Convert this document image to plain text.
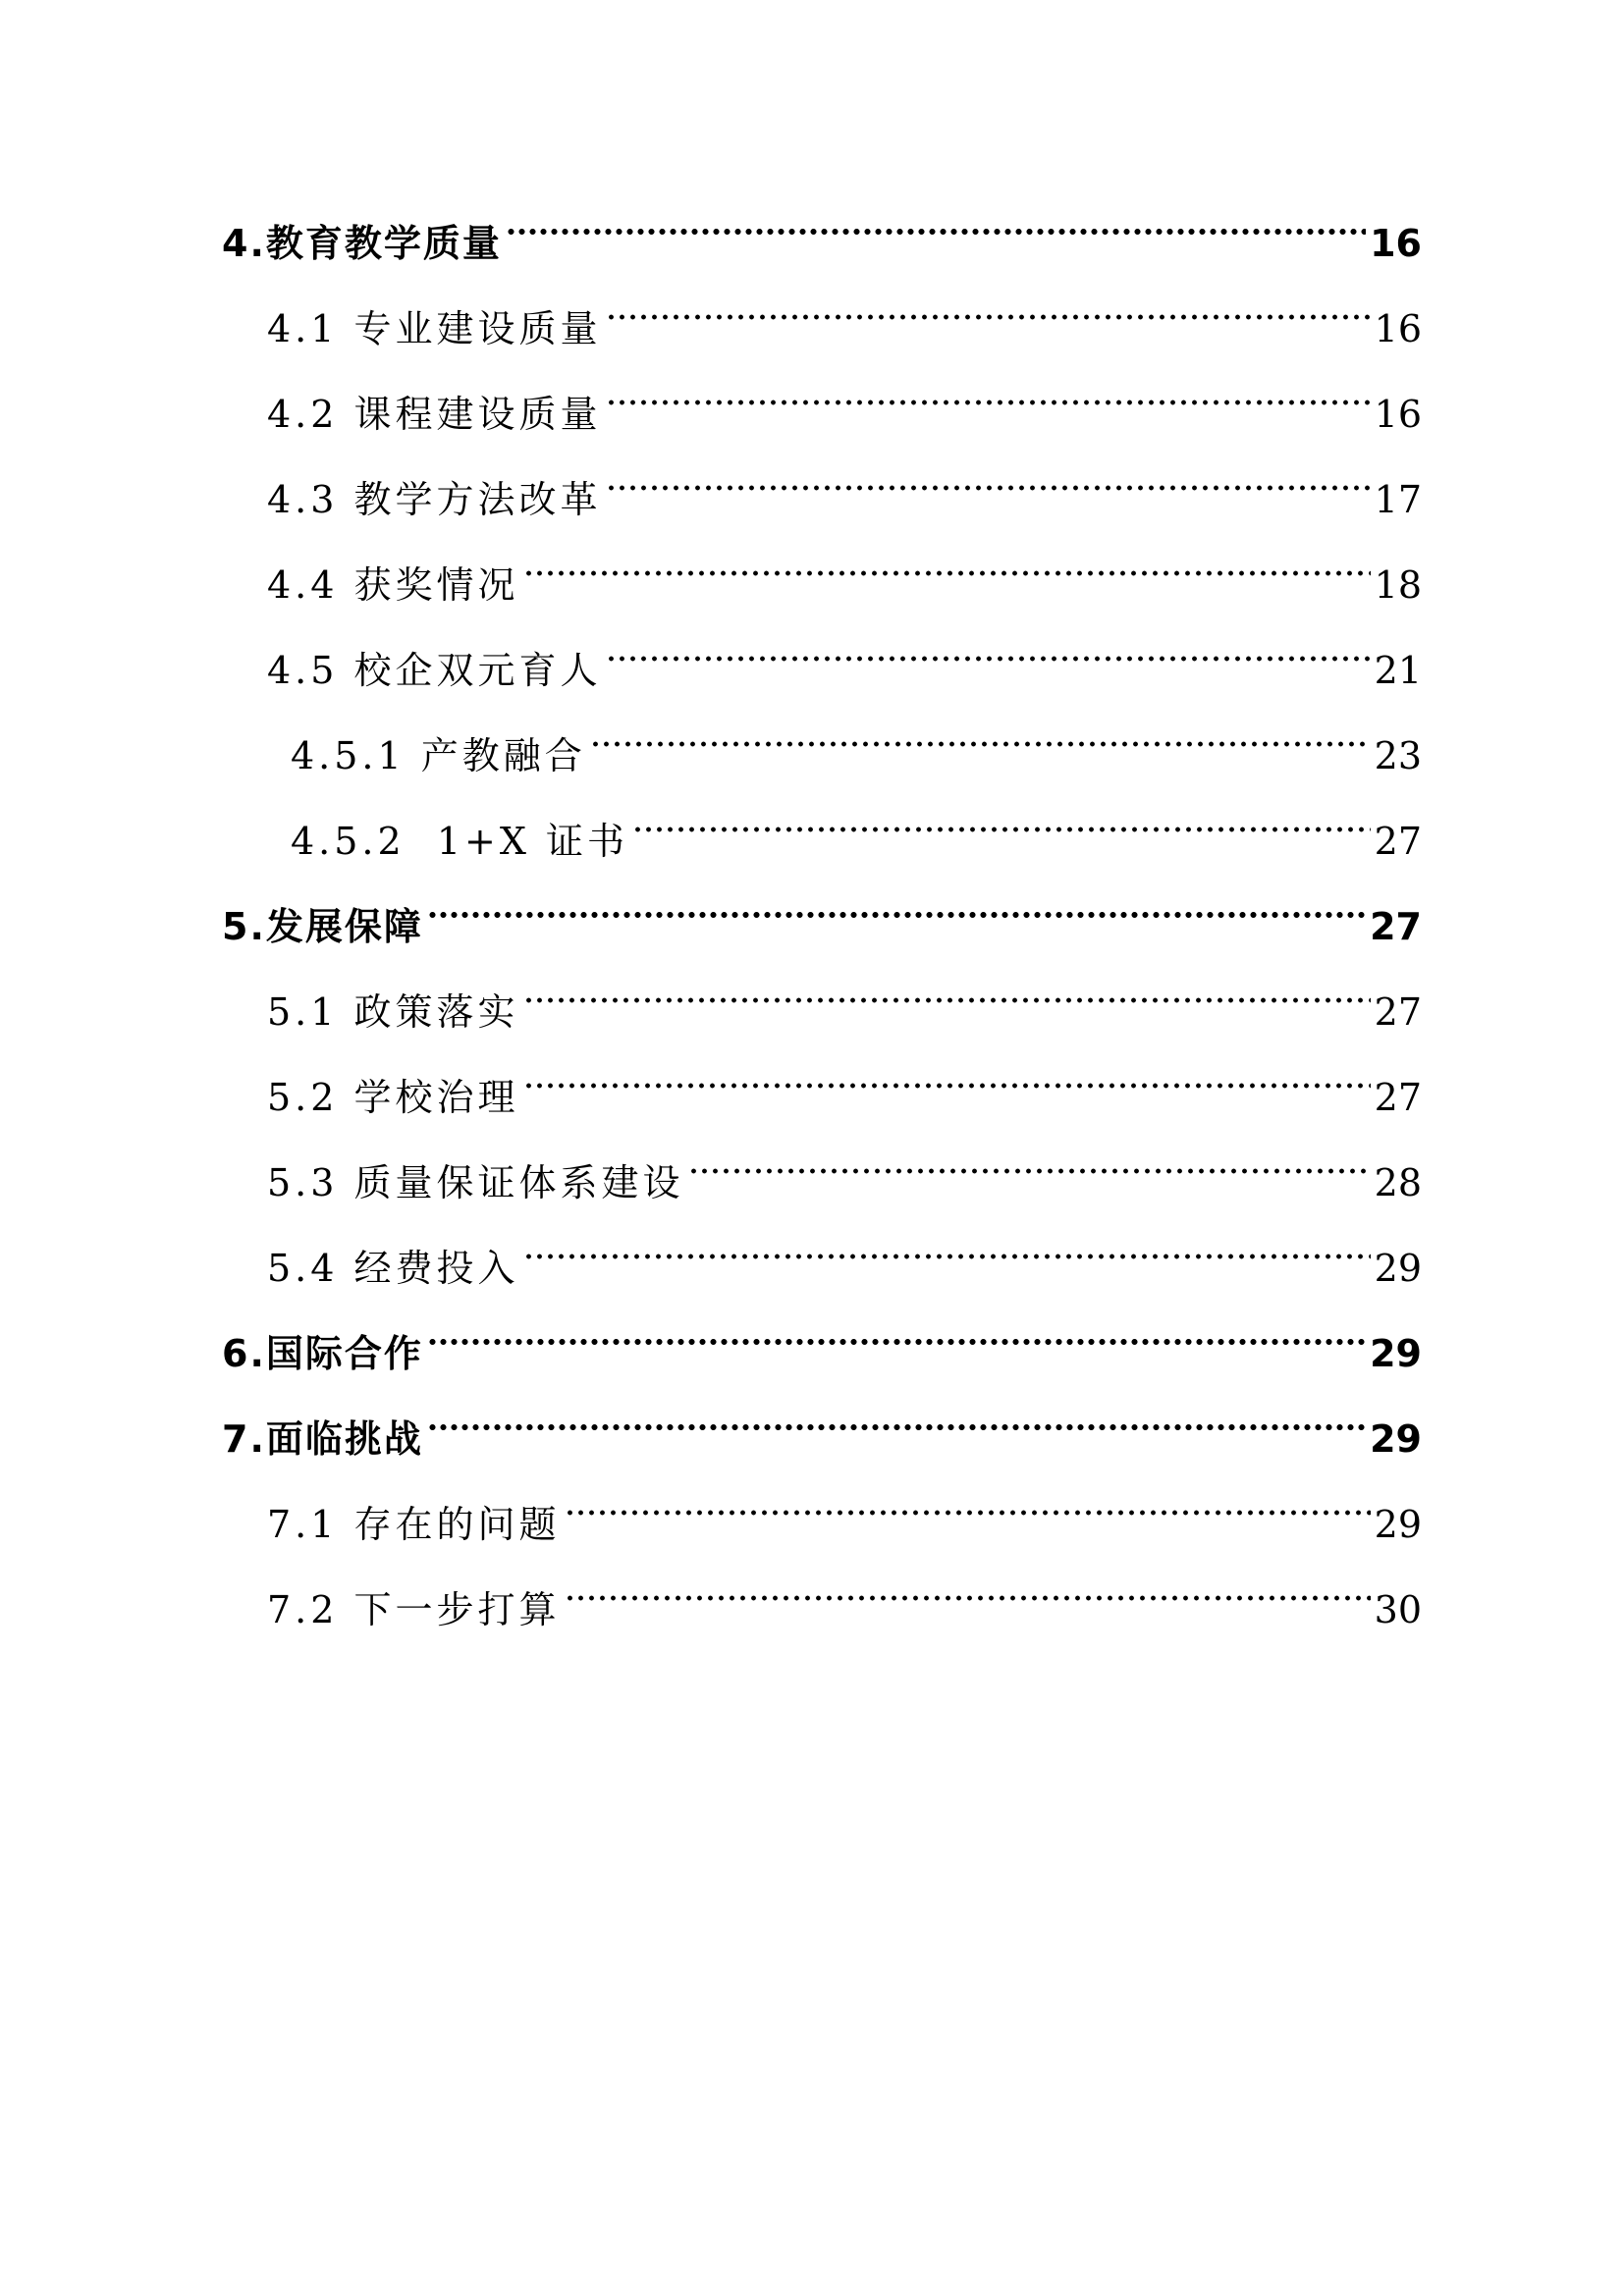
4.教育教学质量	16
4.1 专业建设质量	16
4.2 课程建设质量	16
4.3 教学方法改革	17
4.4 获奖情况	18
4.5 校企双元育人	21
4.5.1 产教融合	23
4.5.2  1+X 证书	27
5.发展保障	27
5.1 政策落实	27
5.2 学校治理	27
5.3 质量保证体系建设	28
5.4 经费投入	29
6.国际合作	29
7.面临挑战	29
7.1 存在的问题	29
7.2 下一步打算	30
